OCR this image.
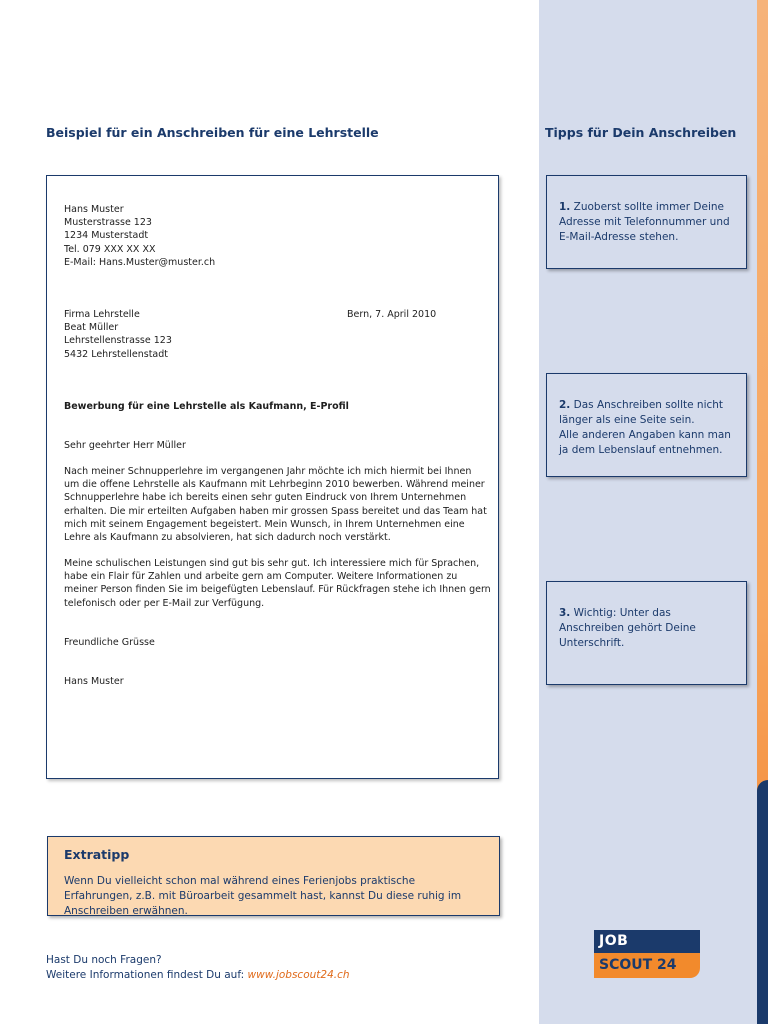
Beispiel für ein Anschreiben für eine Lehrstelle	Tipps für Dein Anschreiben
Hans Muster
Musterstrasse 123
1234 Musterstadt
Tel. 079 XXX XX XX
E-Mail: Hans.Muster@muster.ch
Firma Lehrstelle
Beat Müller
Lehrstellenstrasse 123
5432 Lehrstellenstadt
Bern, 7. April 2010
Bewerbung für eine Lehrstelle als Kaufmann, E-Profil
Sehr geehrter Herr Müller
Nach meiner Schnupperlehre im vergangenen Jahr möchte ich mich hiermit bei Ihnen
um die offene Lehrstelle als Kaufmann mit Lehrbeginn 2010 bewerben. Während meiner
Schnupperlehre habe ich bereits einen sehr guten Eindruck von Ihrem Unternehmen
erhalten. Die mir erteilten Aufgaben haben mir grossen Spass bereitet und das Team hat
mich mit seinem Engagement begeistert. Mein Wunsch, in Ihrem Unternehmen eine
Lehre als Kaufmann zu absolvieren, hat sich dadurch noch verstärkt.
Meine schulischen Leistungen sind gut bis sehr gut. Ich interessiere mich für Sprachen,
habe ein Flair für Zahlen und arbeite gern am Computer. Weitere Informationen zu
meiner Person finden Sie im beigefügten Lebenslauf. Für Rückfragen stehe ich Ihnen gern
telefonisch oder per E-Mail zur Verfügung.
Freundliche Grüsse
Hans Muster
1. Zuoberst sollte immer Deine Adresse mit Telefonnummer und E-Mail-Adresse stehen.
2. Das Anschreiben sollte nicht länger als eine Seite sein.
Alle anderen Angaben kann man ja dem Lebenslauf entnehmen.
3. Wichtig: Unter das Anschreiben gehört Deine Unterschrift.
Extratipp

Wenn Du vielleicht schon mal während eines Ferienjobs praktische Erfahrungen, z.B. mit Büroarbeit gesammelt hast, kannst Du diese ruhig im Anschreiben erwähnen.

Hast Du noch Fragen?
Weitere Informationen findest Du auf: www.jobscout24.ch
JOB
SCOUT 24
